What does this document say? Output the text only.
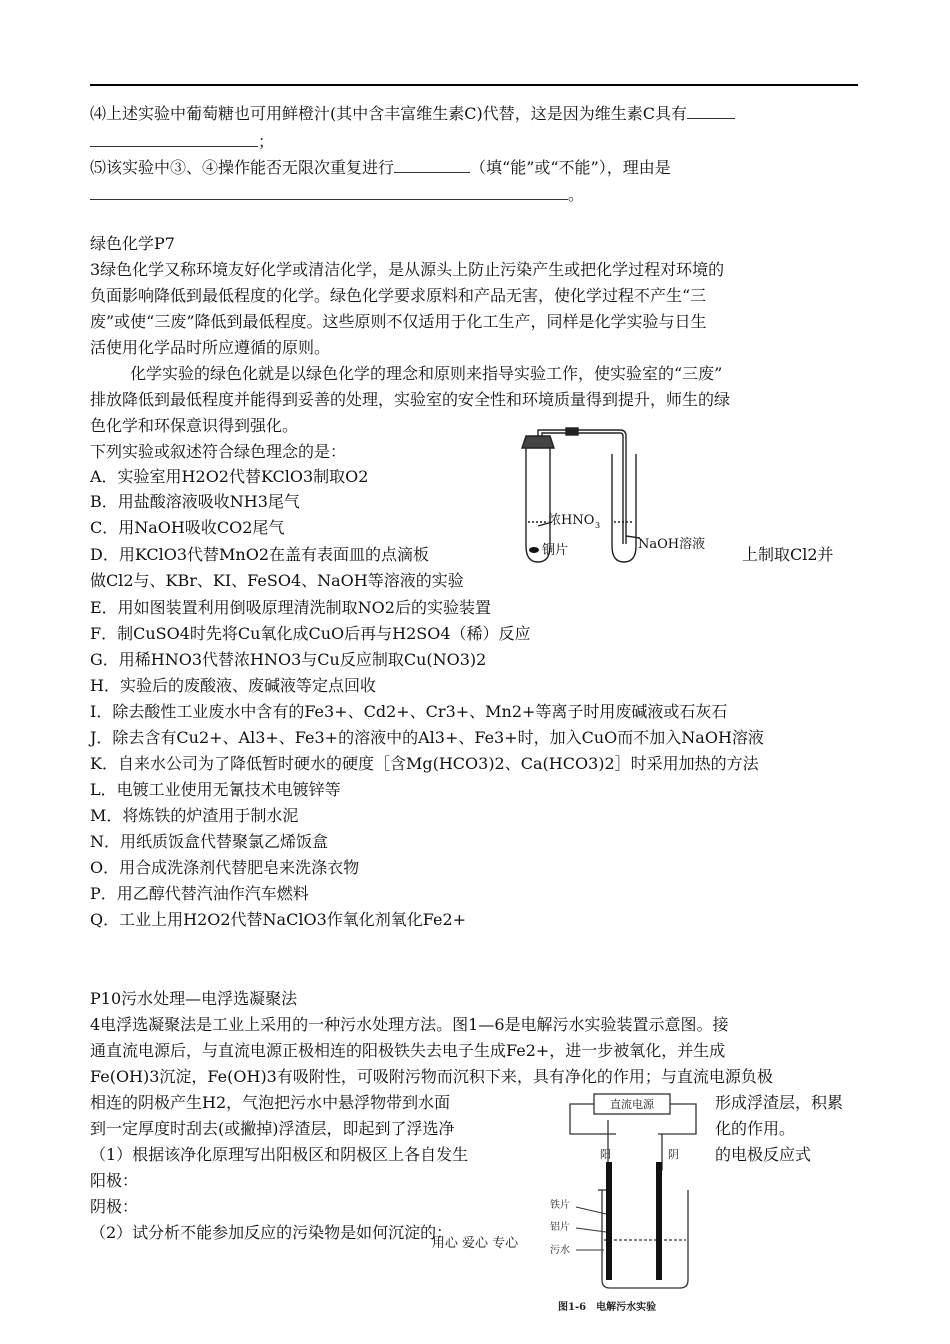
⑷上述实验中葡萄糖也可用鲜橙汁(其中含丰富维生素C)代替，这是因为维生素C具有
；
⑸该实验中③、④操作能否无限次重复进行	（填“能”或“不能”），理由是
。
绿色化学P7
3绿色化学又称环境友好化学或清洁化学，是从源头上防止污染产生或把化学过程对环境的
负面影响降低到最低程度的化学。绿色化学要求原料和产品无害，使化学过程不产生“三
废”或使“三废”降低到最低程度。这些原则不仅适用于化工生产，同样是化学实验与日生
活使用化学品时所应遵循的原则。
化学实验的绿色化就是以绿色化学的理念和原则来指导实验工作，使实验室的“三废”
排放降低到最低程度并能得到妥善的处理，实验室的安全性和环境质量得到提升，师生的绿
色化学和环保意识得到强化。
下列实验或叙述符合绿色理念的是：
A．实验室用H2O2代替KClO3制取O2
B．用盐酸溶液吸收NH3尾气
C．用NaOH吸收CO2尾气
D．用KClO3代替MnO2在盖有表面皿的点滴板	上制取Cl2并
做Cl2与、KBr、KI、FeSO4、NaOH等溶液的实验
E．用如图装置利用倒吸原理清洗制取NO2后的实验装置
F．制CuSO4时先将Cu氧化成CuO后再与H2SO4（稀）反应
G．用稀HNO3代替浓HNO3与Cu反应制取Cu(NO3)2
H．实验后的废酸液、废碱液等定点回收
I．除去酸性工业废水中含有的Fe3+、Cd2+、Cr3+、Mn2+等离子时用废碱液或石灰石
J．除去含有Cu2+、Al3+、Fe3+的溶液中的Al3+、Fe3+时，加入CuO而不加入NaOH溶液
K．自来水公司为了降低暂时硬水的硬度［含Mg(HCO3)2、Ca(HCO3)2］时采用加热的方法
L．电镀工业使用无氰技术电镀锌等
M．将炼铁的炉渣用于制水泥
N．用纸质饭盒代替聚氯乙烯饭盒
O．用合成洗涤剂代替肥皂来洗涤衣物
P．用乙醇代替汽油作汽车燃料
Q．工业上用H2O2代替NaClO3作氧化剂氧化Fe2+
浓HNO 3
铜片	NaOH溶液
P10污水处理—电浮选凝聚法
4电浮选凝聚法是工业上采用的一种污水处理方法。图1—6是电解污水实验装置示意图。接
通直流电源后，与直流电源正极相连的阳极铁失去电子生成Fe2+，进一步被氧化，并生成
Fe(OH)3沉淀，Fe(OH)3有吸附性，可吸附污物而沉积下来，具有净化的作用；与直流电源负极
相连的阴极产生H2，气泡把污水中悬浮物带到水面	形成浮渣层，积累
到一定厚度时刮去(或撇掉)浮渣层，即起到了浮选净	化的作用。
（1）根据该净化原理写出阳极区和阴极区上各自发生	的电极反应式
阳极：
阴极：
（2）试分析不能参加反应的污染物是如何沉淀的：
直流电源
阳	阴
铁片
铝片
污水
图1-6　电解污水实验
用心 爱心 专心
